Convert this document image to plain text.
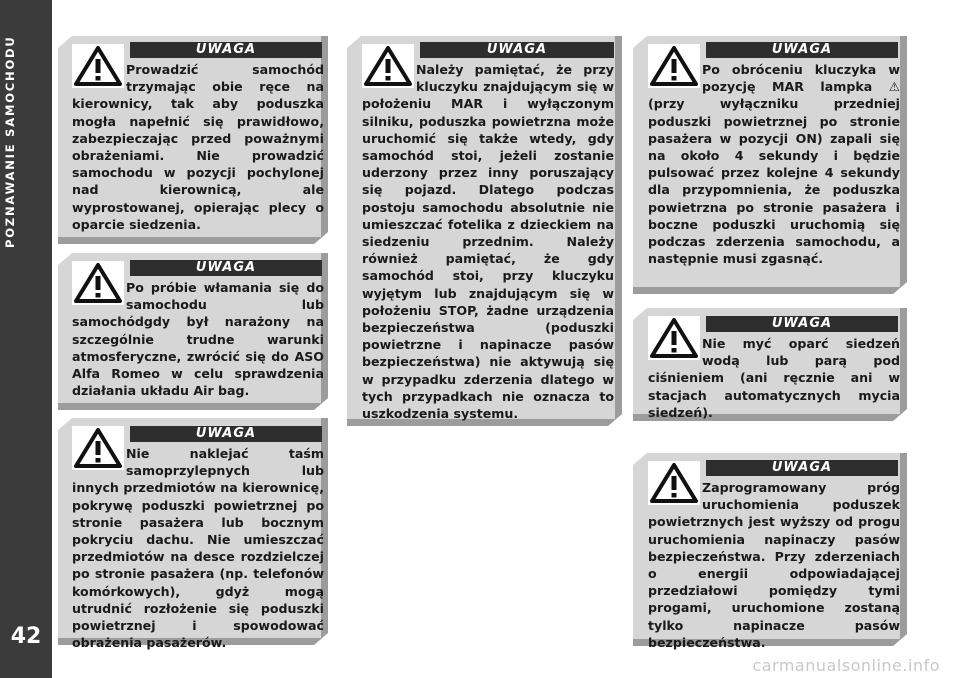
POZNAWANIE SAMOCHODU
42
UWAGA

Prowadzić samochód trzymając obie ręce na kierownicy, tak aby poduszka mogła napełnić się prawidłowo, zabezpieczając przed poważnymi obrażeniami. Nie prowadzić samochodu w pozycji pochylonej nad kierownicą, ale wyprostowanej, opierając plecy o oparcie siedzenia.

UWAGA

Po próbie włamania się do samochodu lub samochódgdy był narażony na szczególnie trudne warunki atmosferyczne, zwrócić się do ASO Alfa Romeo w celu sprawdzenia działania układu Air bag.

UWAGA

Nie naklejać taśm samoprzylepnych lub innych przedmiotów na kierownicę, pokrywę poduszki powietrznej po stronie pasażera lub bocznym pokryciu dachu. Nie umieszczać przedmiotów na desce rozdzielczej po stronie pasażera (np. telefonów komórkowych), gdyż mogą utrudnić rozłożenie się poduszki powietrznej i spowodować obrażenia pasażerów.

UWAGA

Należy pamiętać, że przy kluczyku znajdującym się w położeniu MAR i wyłączonym silniku, poduszka powietrzna może uruchomić się także wtedy, gdy samochód stoi, jeżeli zostanie uderzony przez inny poruszający się pojazd. Dlatego podczas postoju samochodu absolutnie nie umieszczać fotelika z dzieckiem na siedzeniu przednim. Należy również pamiętać, że gdy samochód stoi, przy kluczyku wyjętym lub znajdującym się w położeniu STOP, żadne urządzenia bezpieczeństwa (poduszki powietrzne i napinacze pasów bezpieczeństwa) nie aktywują się w przypadku zderzenia dlatego w tych przypadkach nie oznacza to uszkodzenia systemu.

UWAGA

Po obróceniu kluczyka w pozycję MAR lampka ⚠ (przy wyłączniku przedniej poduszki powietrznej po stronie pasażera w pozycji ON) zapali się na około 4 sekundy i będzie pulsować przez kolejne 4 sekundy dla przypomnienia, że poduszka powietrzna po stronie pasażera i boczne poduszki uruchomią się podczas zderzenia samochodu, a następnie musi zgasnąć.

UWAGA

Nie myć oparć siedzeń wodą lub parą pod ciśnieniem (ani ręcznie ani w stacjach automatycznych mycia siedzeń).

UWAGA

Zaprogramowany próg uruchomienia poduszek powietrznych jest wyższy od progu uruchomienia napinaczy pasów bezpieczeństwa. Przy zderzeniach o energii odpowiadającej przedziałowi pomiędzy tymi progami, uruchomione zostaną tylko napinacze pasów bezpieczeństwa.

carmanualsonline.info
